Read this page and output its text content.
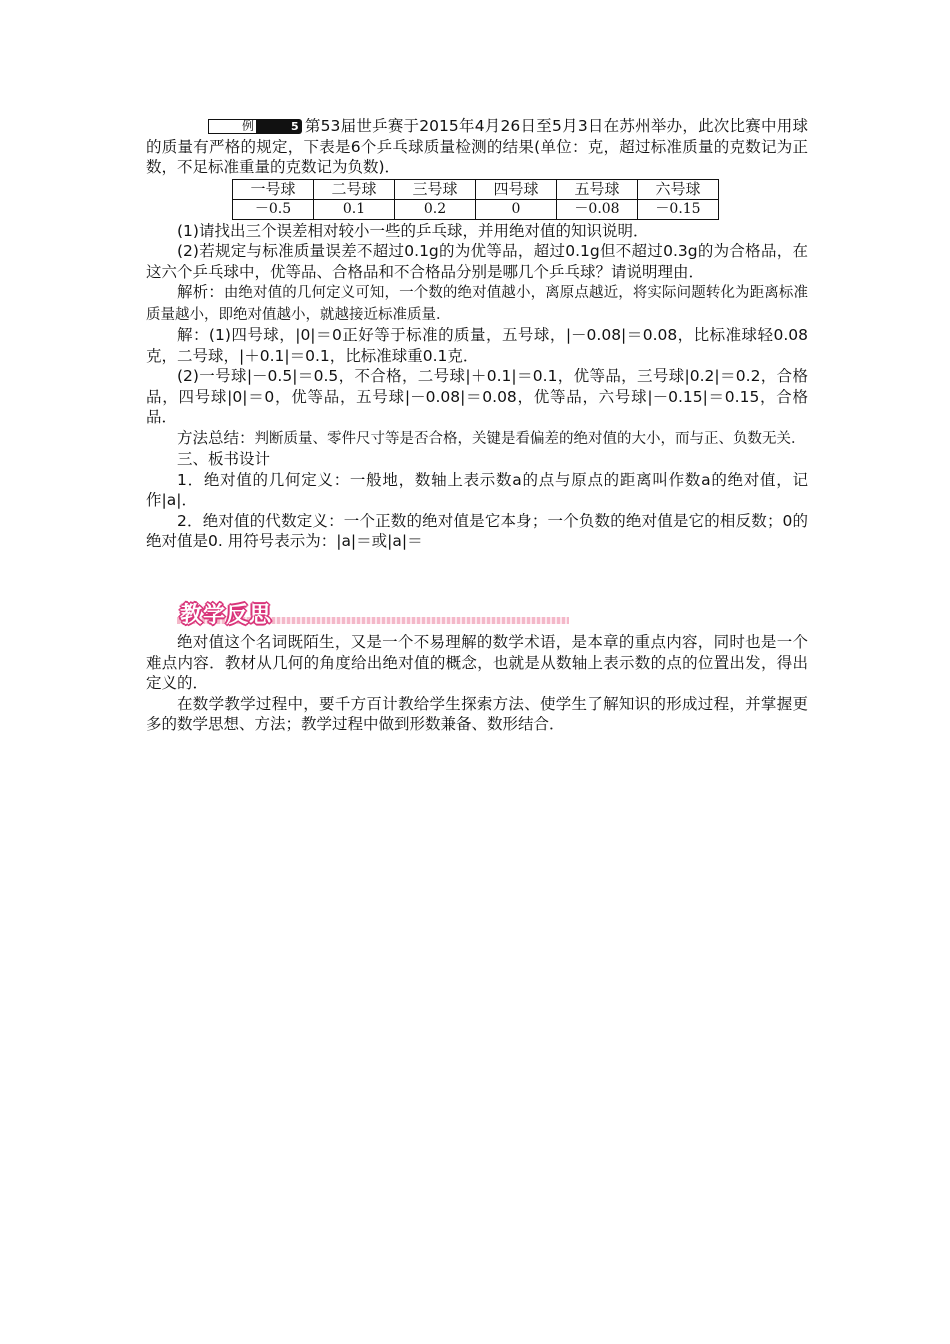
例	5 第53届世乒赛于2015年4月26日至5月3日在苏州举办，此次比赛中用球的质量有严格的规定，下表是6个乒乓球质量检测的结果(单位：克，超过标准质量的克数记为正数，不足标准重量的克数记为负数)．

一号球	二号球	三号球	四号球	五号球	六号球
－0.5	0.1	0.2	0	－0.08	－0.15

(1)请找出三个误差相对较小一些的乒乓球，并用绝对值的知识说明．

(2)若规定与标准质量误差不超过0.1g的为优等品，超过0.1g但不超过0.3g的为合格品，在这六个乒乓球中，优等品、合格品和不合格品分别是哪几个乒乓球？请说明理由．

解析：由绝对值的几何定义可知，一个数的绝对值越小，离原点越近，将实际问题转化为距离标准质量越小，即绝对值越小，就越接近标准质量．

解：(1)四号球，|0|＝0正好等于标准的质量，五号球，|－0.08|＝0.08，比标准球轻0.08克，二号球，|＋0.1|＝0.1，比标准球重0.1克．

(2)一号球|－0.5|＝0.5，不合格，二号球|＋0.1|＝0.1，优等品，三号球|0.2|＝0.2，合格品，四号球|0|＝0，优等品，五号球|－0.08|＝0.08，优等品，六号球|－0.15|＝0.15，合格品．

方法总结：判断质量、零件尺寸等是否合格，关键是看偏差的绝对值的大小，而与正、负数无关．

三、板书设计

1．绝对值的几何定义：一般地，数轴上表示数a的点与原点的距离叫作数a的绝对值，记作|a|．

2．绝对值的代数定义：一个正数的绝对值是它本身；一个负数的绝对值是它的相反数；0的绝对值是0. 用符号表示为：|a|＝或|a|＝

教学反思

绝对值这个名词既陌生，又是一个不易理解的数学术语，是本章的重点内容，同时也是一个难点内容．教材从几何的角度给出绝对值的概念，也就是从数轴上表示数的点的位置出发，得出定义的．

在数学教学过程中，要千方百计教给学生探索方法、使学生了解知识的形成过程，并掌握更多的数学思想、方法；教学过程中做到形数兼备、数形结合．
